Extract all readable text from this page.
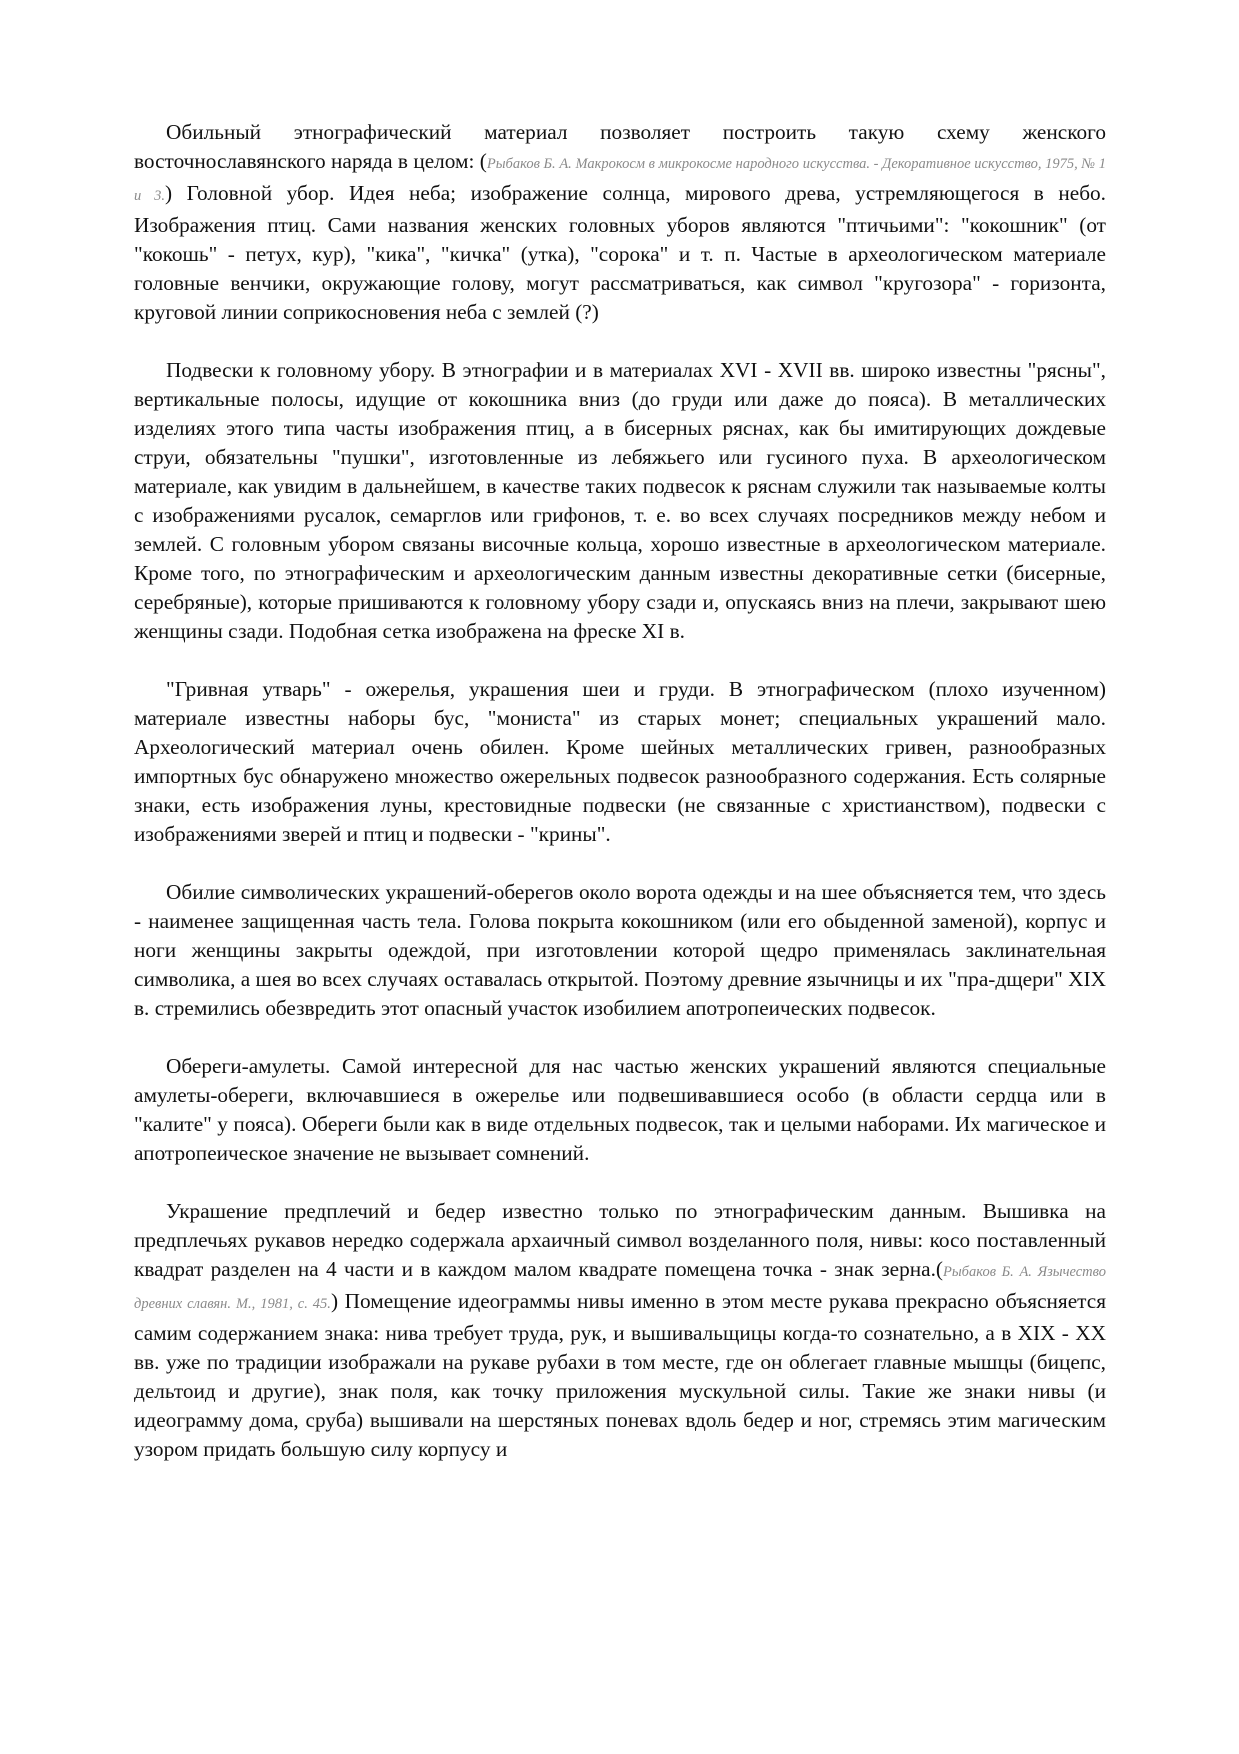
Обильный этнографический материал позволяет построить такую схему женского восточнославянского наряда в целом: (Рыбаков Б. А. Макрокосм в микрокосме народного искусства. - Декоративное искусство, 1975, № 1 и 3.) Головной убор. Идея неба; изображение солнца, мирового древа, устремляющегося в небо. Изображения птиц. Сами названия женских головных уборов являются "птичьими": "кокошник" (от "кокошь" - петух, кур), "кика", "кичка" (утка), "сорока" и т. п. Частые в археологическом материале головные венчики, окружающие голову, могут рассматриваться, как символ "кругозора" - горизонта, круговой линии соприкосновения неба с землей (?)

Подвески к головному убору. В этнографии и в материалах XVI - XVII вв. широко известны "рясны", вертикальные полосы, идущие от кокошника вниз (до груди или даже до пояса). В металлических изделиях этого типа часты изображения птиц, а в бисерных ряснах, как бы имитирующих дождевые струи, обязательны "пушки", изготовленные из лебяжьего или гусиного пуха. В археологическом материале, как увидим в дальнейшем, в качестве таких подвесок к ряснам служили так называемые колты с изображениями русалок, семарглов или грифонов, т. е. во всех случаях посредников между небом и землей. С головным убором связаны височные кольца, хорошо известные в археологическом материале. Кроме того, по этнографическим и археологическим данным известны декоративные сетки (бисерные, серебряные), которые пришиваются к головному убору сзади и, опускаясь вниз на плечи, закрывают шею женщины сзади. Подобная сетка изображена на фреске XI в.

"Гривная утварь" - ожерелья, украшения шеи и груди. В этнографическом (плохо изученном) материале известны наборы бус, "мониста" из старых монет; специальных украшений мало. Археологический материал очень обилен. Кроме шейных металлических гривен, разнообразных импортных бус обнаружено множество ожерельных подвесок разнообразного содержания. Есть солярные знаки, есть изображения луны, крестовидные подвески (не связанные с христианством), подвески с изображениями зверей и птиц и подвески - "крины".

Обилие символических украшений-оберегов около ворота одежды и на шее объясняется тем, что здесь - наименее защищенная часть тела. Голова покрыта кокошником (или его обыденной заменой), корпус и ноги женщины закрыты одеждой, при изготовлении которой щедро применялась заклинательная символика, а шея во всех случаях оставалась открытой. Поэтому древние язычницы и их "пра-дщери" XIX в. стремились обезвредить этот опасный участок изобилием апотропеических подвесок.

Обереги-амулеты. Самой интересной для нас частью женских украшений являются специальные амулеты-обереги, включавшиеся в ожерелье или подвешивавшиеся особо (в области сердца или в "калите" у пояса). Обереги были как в виде отдельных подвесок, так и целыми наборами. Их магическое и апотропеическое значение не вызывает сомнений.

Украшение предплечий и бедер известно только по этнографическим данным. Вышивка на предплечьях рукавов нередко содержала архаичный символ возделанного поля, нивы: косо поставленный квадрат разделен на 4 части и в каждом малом квадрате помещена точка - знак зерна.(Рыбаков Б. А. Язычество древних славян. М., 1981, с. 45.) Помещение идеограммы нивы именно в этом месте рукава прекрасно объясняется самим содержанием знака: нива требует труда, рук, и вышивальщицы когда-то сознательно, а в XIX - XX вв. уже по традиции изображали на рукаве рубахи в том месте, где он облегает главные мышцы (бицепс, дельтоид и другие), знак поля, как точку приложения мускульной силы. Такие же знаки нивы (и идеограмму дома, сруба) вышивали на шерстяных поневах вдоль бедер и ног, стремясь этим магическим узором придать большую силу корпусу и
